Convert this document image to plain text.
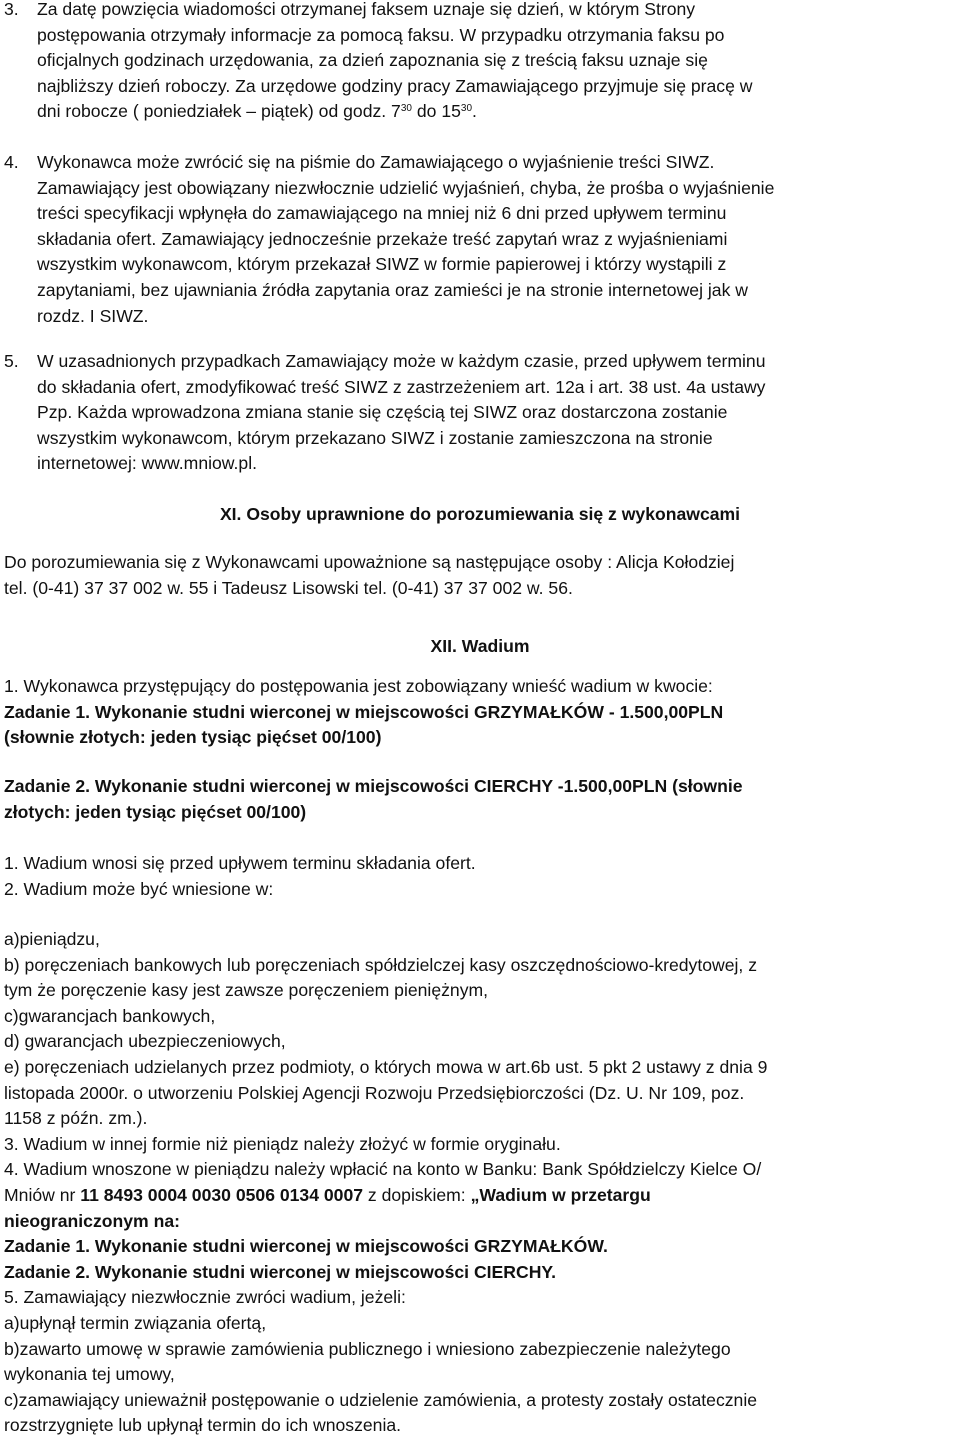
3. Za datę powzięcia wiadomości otrzymanej faksem uznaje się dzień, w którym Strony
postępowania otrzymały informacje za pomocą faksu. W przypadku otrzymania faksu po
oficjalnych godzinach urzędowania, za dzień zapoznania się z treścią faksu uznaje się
najbliższy dzień roboczy. Za urzędowe godziny pracy Zamawiającego przyjmuje się pracę w
dni robocze ( poniedziałek – piątek) od godz. $7^{30}$ do $15^{30}$.
4. Wykonawca może zwrócić się na piśmie do Zamawiającego o wyjaśnienie treści SIWZ.
Zamawiający jest obowiązany niezwłocznie udzielić wyjaśnień, chyba, że prośba o wyjaśnienie
treści specyfikacji wpłynęła do zamawiającego na mniej niż 6 dni przed upływem terminu
składania ofert. Zamawiający jednocześnie przekaże treść zapytań wraz z wyjaśnieniami
wszystkim wykonawcom, którym przekazał SIWZ w formie papierowej i którzy wystąpili z
zapytaniami, bez ujawniania źródła zapytania oraz zamieści je na stronie internetowej jak w
rozdz. I SIWZ.
5. W uzasadnionych przypadkach Zamawiający może w każdym czasie, przed upływem terminu
do składania ofert, zmodyfikować treść SIWZ z zastrzeżeniem art. 12a i art. 38 ust. 4a ustawy
Pzp. Każda wprowadzona zmiana stanie się częścią tej SIWZ oraz dostarczona zostanie
wszystkim wykonawcom, którym przekazano SIWZ i zostanie zamieszczona na stronie
internetowej: www.mniow.pl.
XI. Osoby uprawnione do porozumiewania się z wykonawcami
Do porozumiewania się z Wykonawcami upoważnione są następujące osoby : Alicja Kołodziej
tel. (0-41) 37 37 002 w. 55 i Tadeusz Lisowski tel. (0-41) 37 37 002 w. 56.
XII. Wadium
1. Wykonawca przystępujący do postępowania jest zobowiązany wnieść wadium w kwocie:
Zadanie 1. Wykonanie studni wierconej w miejscowości GRZYMAŁKÓW - 1.500,00PLN
(słownie złotych: jeden tysiąc pięćset 00/100)
Zadanie 2. Wykonanie studni wierconej w miejscowości CIERCHY -1.500,00PLN (słownie
złotych: jeden tysiąc pięćset 00/100)
1. Wadium wnosi się przed upływem terminu składania ofert.
2. Wadium może być wniesione w:
a)pieniądzu,
b) poręczeniach bankowych lub poręczeniach spółdzielczej kasy oszczędnościowo-kredytowej, z
tym że poręczenie kasy jest zawsze poręczeniem pieniężnym,
c)gwarancjach bankowych,
d) gwarancjach ubezpieczeniowych,
e) poręczeniach udzielanych przez podmioty, o których mowa w art.6b ust. 5 pkt 2 ustawy z dnia 9
listopada 2000r. o utworzeniu Polskiej Agencji Rozwoju Przedsiębiorczości (Dz. U. Nr 109, poz.
1158 z późn. zm.).
3. Wadium w innej formie niż pieniądz należy złożyć w formie oryginału.
4. Wadium wnoszone w pieniądzu należy wpłacić na konto w Banku: Bank Spółdzielczy Kielce O/
Mniów nr 11 8493 0004 0030 0506 0134 0007 z dopiskiem: „Wadium w przetargu
nieograniczonym na:
Zadanie 1. Wykonanie studni wierconej w miejscowości GRZYMAŁKÓW.
Zadanie 2. Wykonanie studni wierconej w miejscowości CIERCHY.
5. Zamawiający niezwłocznie zwróci wadium, jeżeli:
a)upłynął termin związania ofertą,
b)zawarto umowę w sprawie zamówienia publicznego i wniesiono zabezpieczenie należytego
wykonania tej umowy,
c)zamawiający unieważnił postępowanie o udzielenie zamówienia, a protesty zostały ostatecznie
rozstrzygnięte lub upłynął termin do ich wnoszenia.
